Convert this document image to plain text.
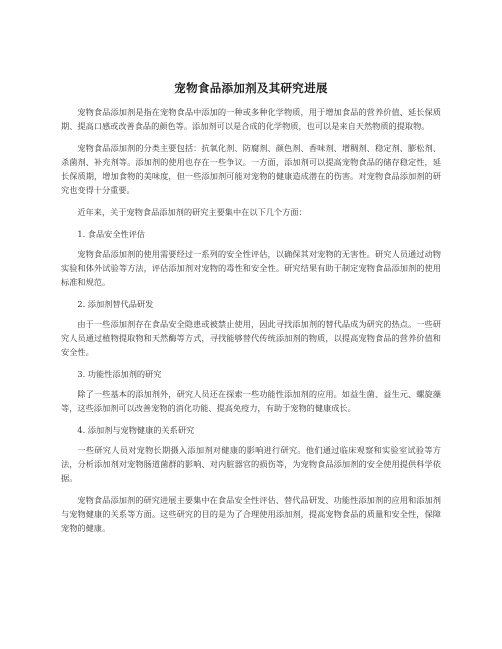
宠物食品添加剂及其研究进展

宠物食品添加剂是指在宠物食品中添加的一种或多种化学物质，用于增加食品的营养价值、延长保质期、提高口感或改善食品的颜色等。添加剂可以是合成的化学物质，也可以是来自天然物质的提取物。

宠物食品添加剂的分类主要包括：抗氧化剂、防腐剂、颜色剂、香味剂、增稠剂、稳定剂、膨松剂、杀菌剂、补充剂等。添加剂的使用也存在一些争议。一方面，添加剂可以提高宠物食品的储存稳定性，延长保质期，增加食物的美味度，但一些添加剂可能对宠物的健康造成潜在的伤害。对宠物食品添加剂的研究也变得十分重要。

近年来，关于宠物食品添加剂的研究主要集中在以下几个方面：

1. 食品安全性评估

宠物食品添加剂的使用需要经过一系列的安全性评估，以确保其对宠物的无害性。研究人员通过动物实验和体外试验等方法，评估添加剂对宠物的毒性和安全性。研究结果有助于制定宠物食品添加剂的使用标准和规范。

2. 添加剂替代品研发

由于一些添加剂存在食品安全隐患或被禁止使用，因此寻找添加剂的替代品成为研究的热点。一些研究人员通过植物提取物和天然酶等方式，寻找能够替代传统添加剂的物质，以提高宠物食品的营养价值和安全性。

3. 功能性添加剂的研究

除了一些基本的添加剂外，研究人员还在探索一些功能性添加剂的应用。如益生菌、益生元、螺旋藻等，这些添加剂可以改善宠物的消化功能、提高免疫力，有助于宠物的健康成长。

4. 添加剂与宠物健康的关系研究

一些研究人员对宠物长期摄入添加剂对健康的影响进行研究。他们通过临床观察和实验室试验等方法，分析添加剂对宠物肠道菌群的影响、对内脏器官的损伤等，为宠物食品添加剂的安全使用提供科学依据。

宠物食品添加剂的研究进展主要集中在食品安全性评估、替代品研发、功能性添加剂的应用和添加剂与宠物健康的关系等方面。这些研究的目的是为了合理使用添加剂，提高宠物食品的质量和安全性，保障宠物的健康。
